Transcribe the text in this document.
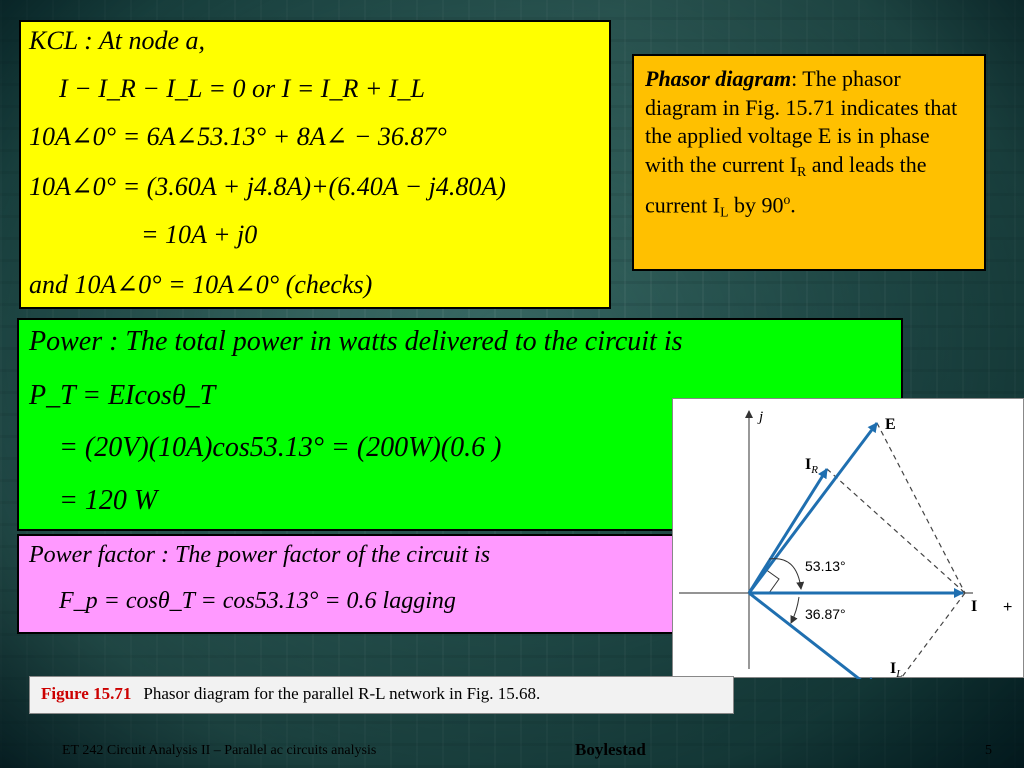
KCL : At node a,
I − I_R − I_L = 0 or I = I_R + I_L
10A∠0° = 6A∠53.13° + 8A∠ − 36.87°
10A∠0° = (3.60A + j4.8A)+(6.40A − j4.80A)
= 10A + j0
and 10A∠0° = 10A∠0° (checks)
Phasor diagram: The phasor diagram in Fig. 15.71 indicates that the applied voltage E is in phase with the current $I_R$ and leads the current $I_L$ by 90$^o$.
Power : The total power in watts delivered to the circuit is
P_T = EIcosθ_T
= (20V)(10A)cos53.13° = (200W)(0.6 )
= 120 W
Power factor : The power factor of the circuit is
F_p = cosθ_T = cos53.13° = 0.6 lagging
j	E
$I_R$
53.13°
36.87°	I +
$I_L$
Figure 15.71 Phasor diagram for the parallel R-L network in Fig. 15.68.
ET 242 Circuit Analysis II – Parallel ac circuits analysis	Boylestad	5
